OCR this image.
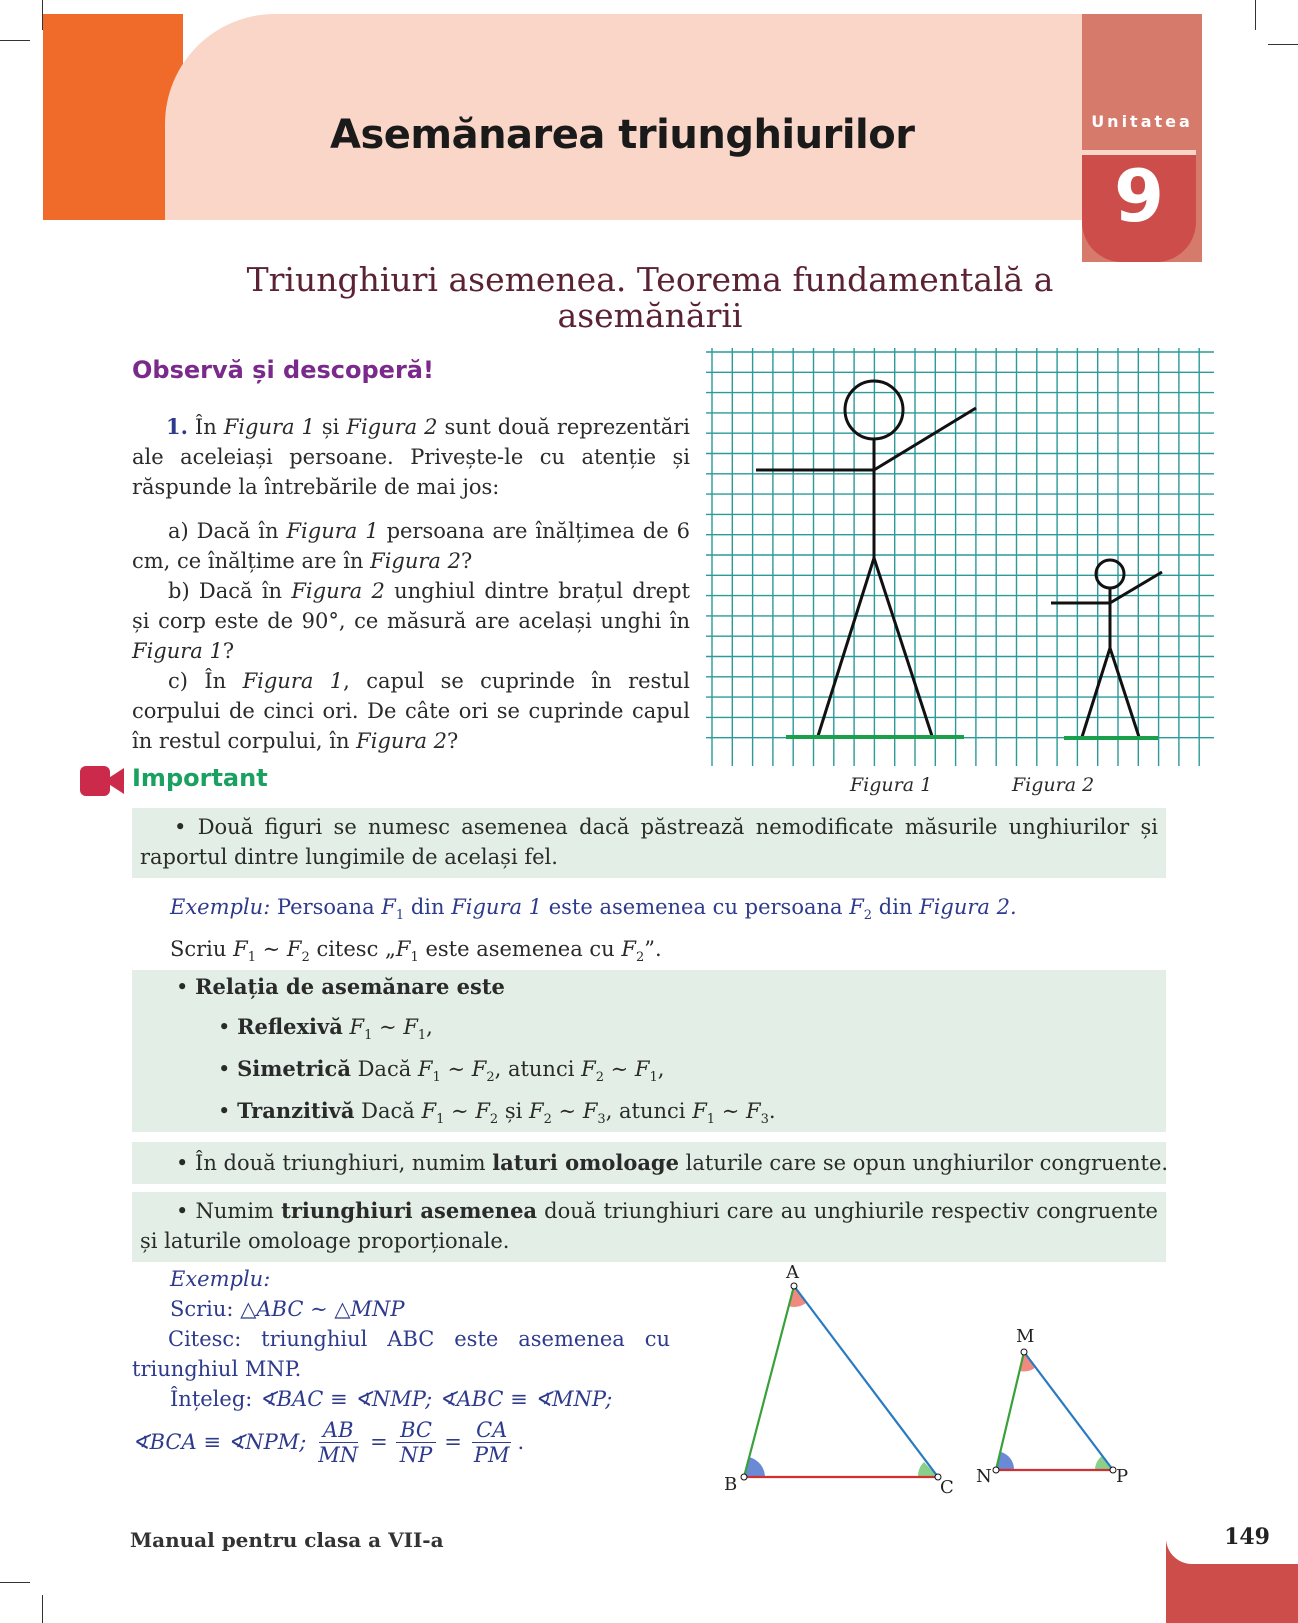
Asemănarea triunghiurilor	Unitatea
9
Triunghiuri asemenea. Teorema fundamentală a asemănării
Observă și descoperă!
1. În Figura 1 și Figura 2 sunt două reprezentări ale aceleiași persoane. Privește-le cu atenție și răspunde la întrebările de mai jos:
a) Dacă în Figura 1 persoana are înălțimea de 6 cm, ce înălțime are în Figura 2?
b) Dacă în Figura 2 unghiul dintre brațul drept și corp este de 90°, ce măsură are același unghi în Figura 1?
c) În Figura 1, capul se cuprinde în restul corpului de cinci ori. De câte ori se cuprinde capul în restul corpului, în Figura 2?
Figura 1	Figura 2
Important
• Două figuri se numesc asemenea dacă păstrează nemodificate măsurile unghiurilor și raportul dintre lungimile de același fel.
Exemplu: Persoana $F_1$ din Figura 1 este asemenea cu persoana $F_2$ din Figura 2.
Scriu $F_1$ ∼ $F_2$ citesc $„F_1$ este asemenea cu $F_2$”.
• Relația de asemănare este
• Reflexivă $F_1$ ∼ $F_1$,
• Simetrică Dacă $F_1$ ∼ $F_2$, atunci $F_2$ ∼ $F_1$,
• Tranzitivă Dacă $F_1$ ∼ $F_2$ și $F_2$ ∼ $F_3$, atunci $F_1$ ∼ $F_3$.
• În două triunghiuri, numim laturi omoloage laturile care se opun unghiurilor congruente.
• Numim triunghiuri asemenea două triunghiuri care au unghiurile respectiv congruente și laturile omoloage proporționale.
Exemplu:
Scriu: △ABC ∼ △MNP
Citesc: triunghiul ABC este asemenea cu triunghiul MNP.
Înțeleg: ∢BAC ≡ ∢NMP; ∢ABC ≡ ∢MNP;
∢BCA ≡ ∢NPM; $\frac{AB}{MN} = \frac{BC}{NP} = \frac{CA}{PM}$ .
A
B	C
M
N	P
Manual pentru clasa a VII-a	149
